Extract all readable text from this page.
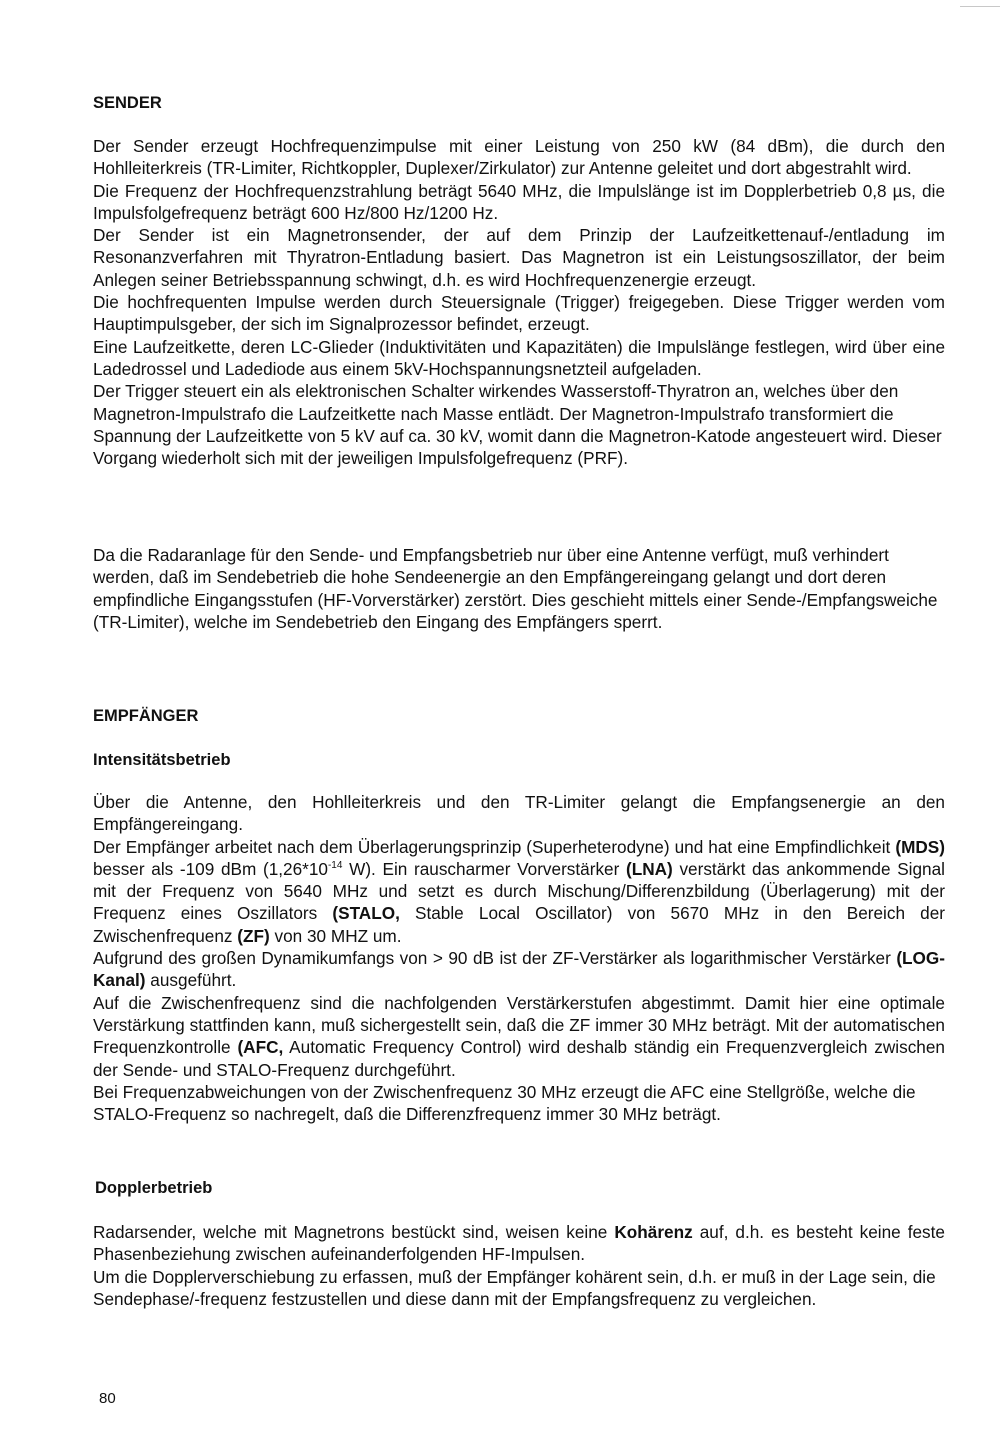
SENDER

Der Sender erzeugt Hochfrequenzimpulse mit einer Leistung von 250 kW (84 dBm), die durch den Hohlleiterkreis (TR-Limiter, Richtkoppler, Duplexer/Zirkulator) zur Antenne geleitet und dort abgestrahlt wird.

Die Frequenz der Hochfrequenzstrahlung beträgt 5640 MHz, die Impulslänge ist im Dopplerbetrieb 0,8 µs, die Impulsfolgefrequenz beträgt 600 Hz/800 Hz/1200 Hz.

Der Sender ist ein Magnetronsender, der auf dem Prinzip der Laufzeitkettenauf-/entladung im Resonanzverfahren mit Thyratron-Entladung basiert. Das Magnetron ist ein Leistungsoszillator, der beim Anlegen seiner Betriebsspannung schwingt, d.h. es wird Hochfrequenzenergie erzeugt.

Die hochfrequenten Impulse werden durch Steuersignale (Trigger) freigegeben. Diese Trigger werden vom Hauptimpulsgeber, der sich im Signalprozessor befindet, erzeugt.

Eine Laufzeitkette, deren LC-Glieder (Induktivitäten und Kapazitäten) die Impulslänge festlegen, wird über eine Ladedrossel und Ladediode aus einem 5kV-Hochspannungsnetzteil aufgeladen.

Der Trigger steuert ein als elektronischen Schalter wirkendes Wasserstoff-Thyratron an, welches über den Magnetron-Impulstrafo die Laufzeitkette nach Masse entlädt. Der Magnetron-Impulstrafo transformiert die Spannung der Laufzeitkette von 5 kV auf ca. 30 kV, womit dann die Magnetron-Katode angesteuert wird. Dieser Vorgang wiederholt sich mit der jeweiligen Impulsfolgefrequenz (PRF).

Da die Radaranlage für den Sende- und Empfangsbetrieb nur über eine Antenne verfügt, muß verhindert werden, daß im Sendebetrieb die hohe Sendeenergie an den Empfängereingang gelangt und dort deren empfindliche Eingangsstufen (HF-Vorverstärker) zerstört. Dies geschieht mittels einer Sende-/Empfangsweiche (TR-Limiter), welche im Sendebetrieb den Eingang des Empfängers sperrt.

EMPFÄNGER
Intensitätsbetrieb

Über die Antenne, den Hohlleiterkreis und den TR-Limiter gelangt die Empfangsenergie an den Empfängereingang.

Der Empfänger arbeitet nach dem Überlagerungsprinzip (Superheterodyne) und hat eine Empfindlichkeit (MDS) besser als -109 dBm ($1,26*10^{-14}$ W). Ein rauscharmer Vorverstärker (LNA) verstärkt das ankommende Signal mit der Frequenz von 5640 MHz und setzt es durch Mischung/Differenzbildung (Überlagerung) mit der Frequenz eines Oszillators (STALO, Stable Local Oscillator) von 5670 MHz in den Bereich der Zwischenfrequenz (ZF) von 30 MHZ um.

Aufgrund des großen Dynamikumfangs von > 90 dB ist der ZF-Verstärker als logarithmischer Verstärker (LOG-Kanal) ausgeführt.

Auf die Zwischenfrequenz sind die nachfolgenden Verstärkerstufen abgestimmt. Damit hier eine optimale Verstärkung stattfinden kann, muß sichergestellt sein, daß die ZF immer 30 MHz beträgt. Mit der automatischen Frequenzkontrolle (AFC, Automatic Frequency Control) wird deshalb ständig ein Frequenzvergleich zwischen der Sende- und STALO-Frequenz durchgeführt.

Bei Frequenzabweichungen von der Zwischenfrequenz 30 MHz erzeugt die AFC eine Stellgröße, welche die STALO-Frequenz so nachregelt, daß die Differenzfrequenz immer 30 MHz beträgt.

Dopplerbetrieb

Radarsender, welche mit Magnetrons bestückt sind, weisen keine Kohärenz auf, d.h. es besteht keine feste Phasenbeziehung zwischen aufeinanderfolgenden HF-Impulsen.

Um die Dopplerverschiebung zu erfassen, muß der Empfänger kohärent sein, d.h. er muß in der Lage sein, die Sendephase/-frequenz festzustellen und diese dann mit der Empfangsfrequenz zu vergleichen.

80
